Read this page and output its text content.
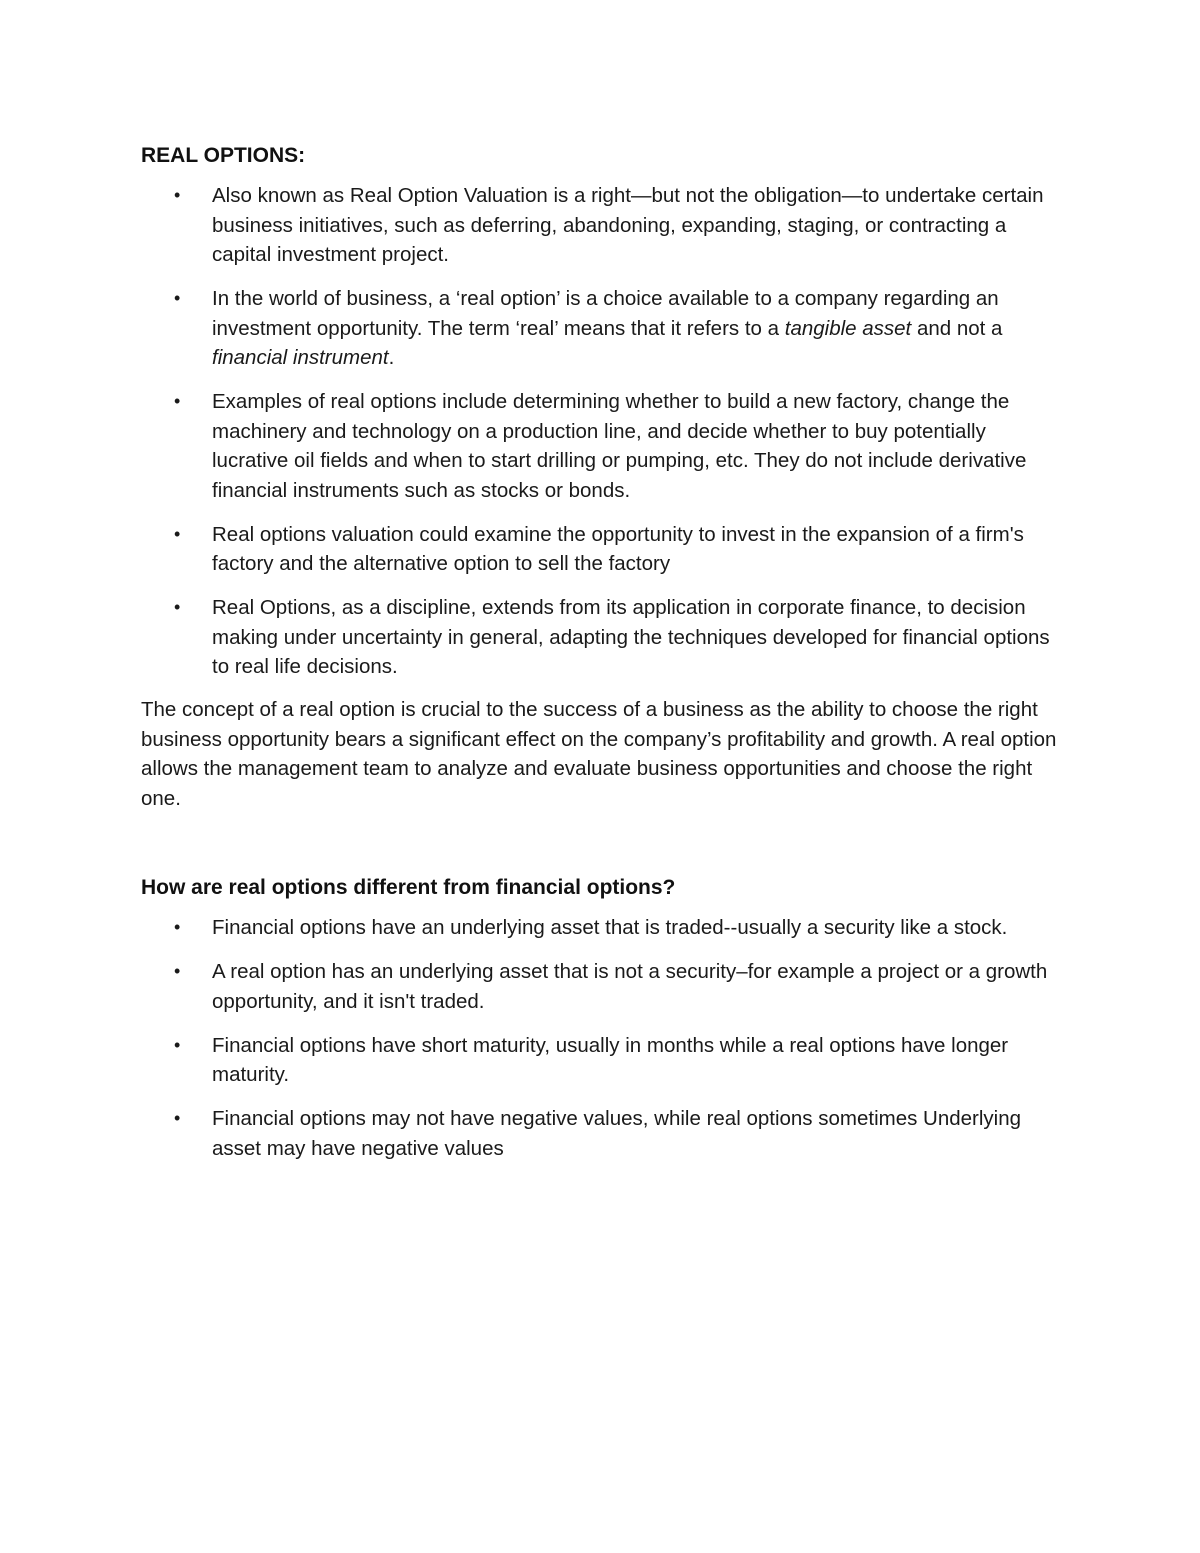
REAL OPTIONS:
• Also known as Real Option Valuation is a right—but not the obligation—to undertake certain business initiatives, such as deferring, abandoning, expanding, staging, or contracting a capital investment project.
• In the world of business, a ‘real option’ is a choice available to a company regarding an investment opportunity. The term ‘real’ means that it refers to a tangible asset and not a financial instrument.
• Examples of real options include determining whether to build a new factory, change the machinery and technology on a production line, and decide whether to buy potentially lucrative oil fields and when to start drilling or pumping, etc. They do not include derivative financial instruments such as stocks or bonds.
• Real options valuation could examine the opportunity to invest in the expansion of a firm's factory and the alternative option to sell the factory
• Real Options, as a discipline, extends from its application in corporate finance, to decision making under uncertainty in general, adapting the techniques developed for financial options to real life decisions.

The concept of a real option is crucial to the success of a business as the ability to choose the right business opportunity bears a significant effect on the company’s profitability and growth. A real option allows the management team to analyze and evaluate business opportunities and choose the right one.

How are real options different from financial options?
• Financial options have an underlying asset that is traded--usually a security like a stock.
• A real option has an underlying asset that is not a security–for example a project or a growth opportunity, and it isn't traded.
• Financial options have short maturity, usually in months while a real options have longer maturity.
• Financial options may not have negative values, while real options sometimes Underlying asset may have negative values
